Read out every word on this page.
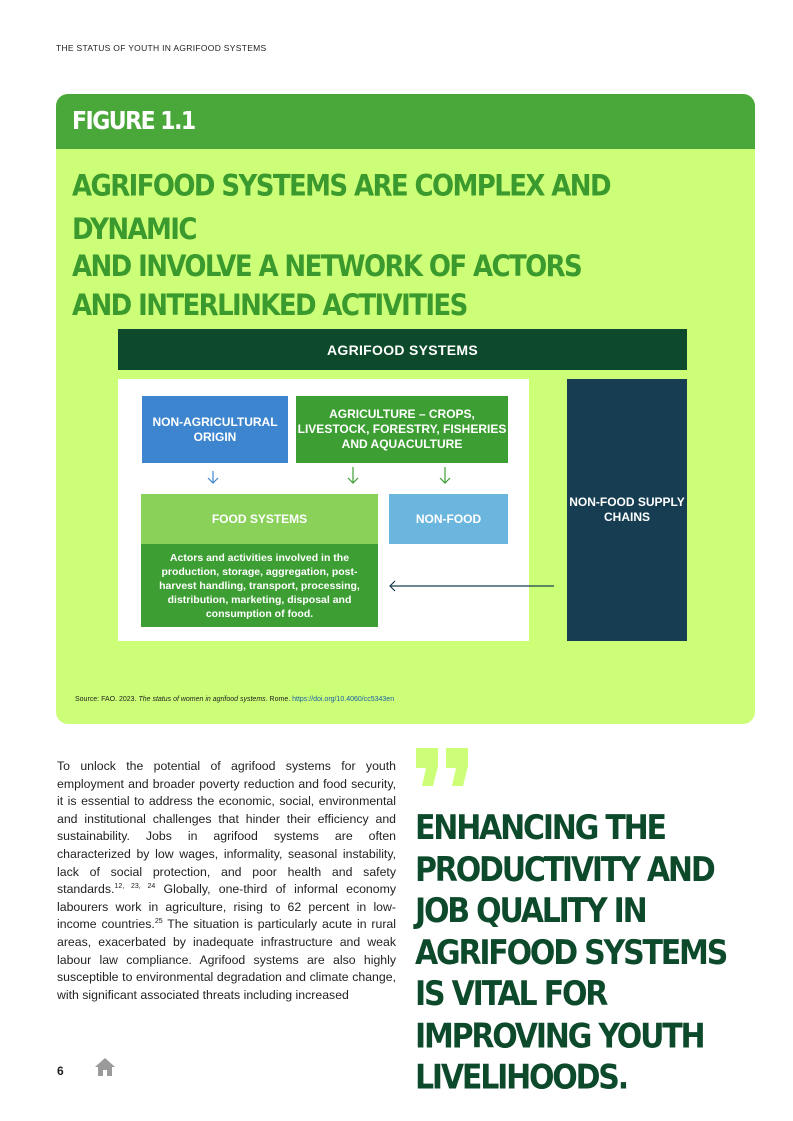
THE STATUS OF YOUTH IN AGRIFOOD SYSTEMS
FIGURE 1.1
AGRIFOOD SYSTEMS ARE COMPLEX AND DYNAMIC
AND INVOLVE A NETWORK OF ACTORS
AND INTERLINKED ACTIVITIES
AGRIFOOD SYSTEMS
NON-AGRICULTURAL ORIGIN
AGRICULTURE – CROPS, LIVESTOCK, FORESTRY, FISHERIES AND AQUACULTURE
FOOD SYSTEMS
Actors and activities involved in the production, storage, aggregation, post-harvest handling, transport, processing, distribution, marketing, disposal and consumption of food.
NON-FOOD
NON-FOOD SUPPLY CHAINS
Source: FAO. 2023. The status of women in agrifood systems. Rome. https://doi.org/10.4060/cc5343en
To unlock the potential of agrifood systems for youth employment and broader poverty reduction and food security, it is essential to address the economic, social, environmental and institutional challenges that hinder their efficiency and sustainability. Jobs in agrifood systems are often characterized by low wages, informality, seasonal instability, lack of social protection, and poor health and safety standards.$^{12, 23, 24}$ Globally, one-third of informal economy labourers work in agriculture, rising to 62 percent in low-income countries.$^{25}$ The situation is particularly acute in rural areas, exacerbated by inadequate infrastructure and weak labour law compliance. Agrifood systems are also highly susceptible to environmental degradation and climate change, with significant associated threats including increased
ENHANCING THE PRODUCTIVITY AND JOB QUALITY IN AGRIFOOD SYSTEMS IS VITAL FOR IMPROVING YOUTH LIVELIHOODS.
6
